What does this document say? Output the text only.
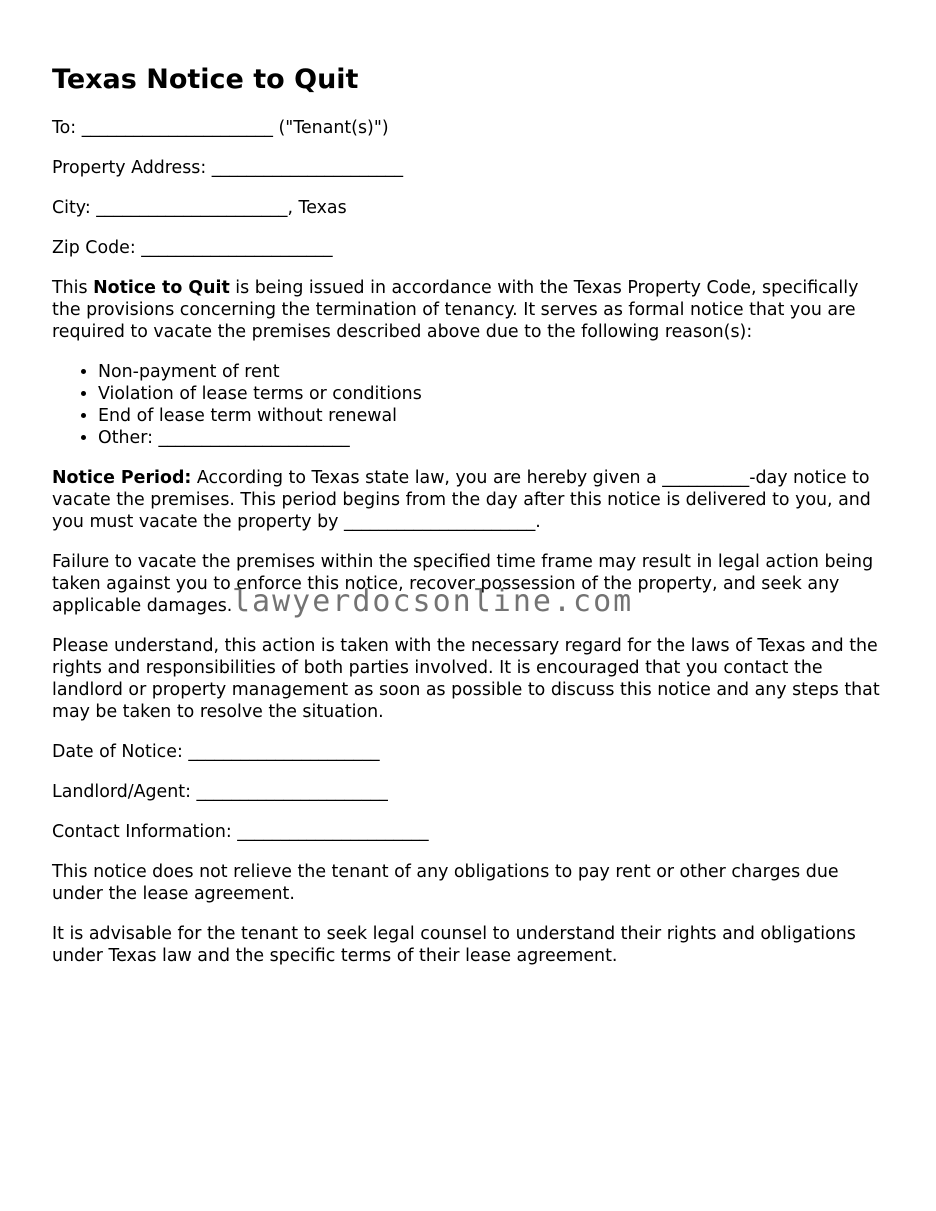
Texas Notice to Quit

To: ______________________ ("Tenant(s)")

Property Address: ______________________

City: ______________________, Texas

Zip Code: ______________________

This Notice to Quit is being issued in accordance with the Texas Property Code, specifically the provisions concerning the termination of tenancy. It serves as formal notice that you are required to vacate the premises described above due to the following reason(s):

• Non-payment of rent
• Violation of lease terms or conditions
• End of lease term without renewal
• Other: ______________________

Notice Period: According to Texas state law, you are hereby given a __________-day notice to vacate the premises. This period begins from the day after this notice is delivered to you, and you must vacate the property by ______________________.

Failure to vacate the premises within the specified time frame may result in legal action being taken against you to enforce this notice, recover possession of the property, and seek any applicable damages.

Please understand, this action is taken with the necessary regard for the laws of Texas and the rights and responsibilities of both parties involved. It is encouraged that you contact the landlord or property management as soon as possible to discuss this notice and any steps that may be taken to resolve the situation.

Date of Notice: ______________________

Landlord/Agent: ______________________

Contact Information: ______________________

This notice does not relieve the tenant of any obligations to pay rent or other charges due under the lease agreement.

It is advisable for the tenant to seek legal counsel to understand their rights and obligations under Texas law and the specific terms of their lease agreement.

lawyerdocsonline.com
